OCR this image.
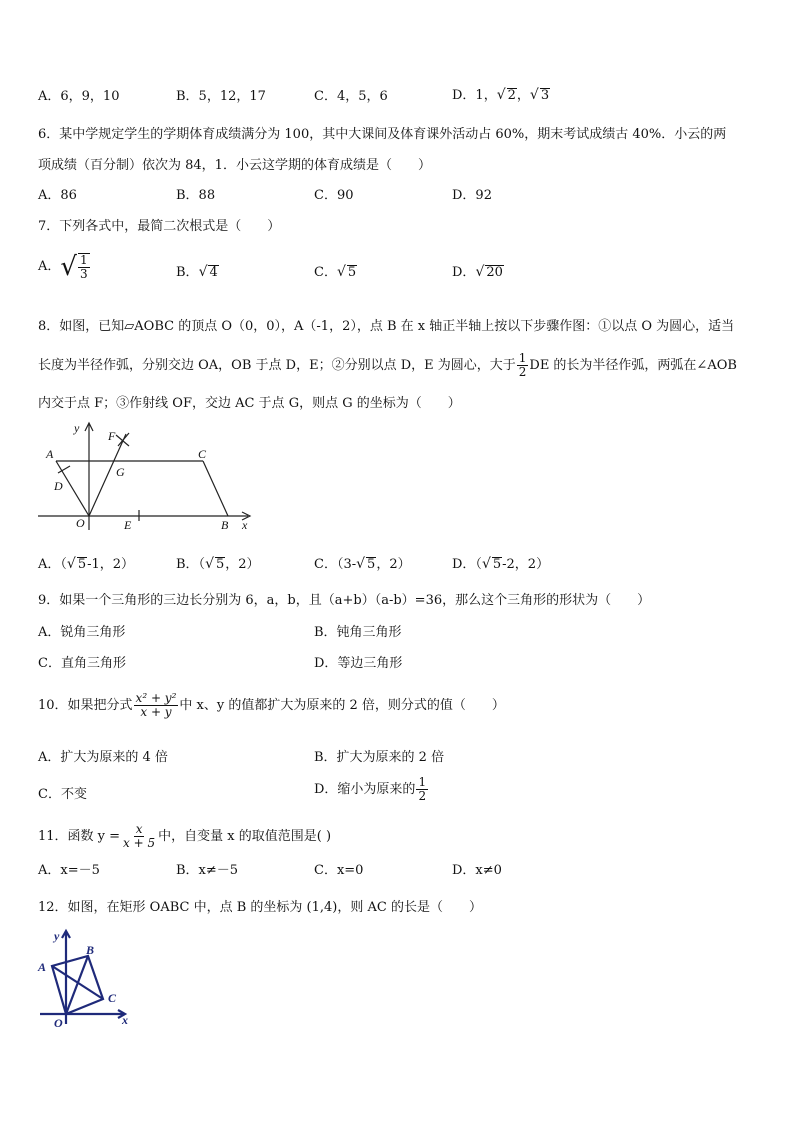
A．6，9，10	B．5，12，17	C．4，5，6	D．1，√ 2，√ 3
6．某中学规定学生的学期体育成绩满分为 100，其中大课间及体育课外活动占 60%，期末考试成绩古 40%．小云的两
项成绩（百分制）依次为 84，1．小云这学期的体育成绩是（　　）
A．86	B．88	C．90	D．92
7．下列各式中，最简二次根式是（　　）
A． √ $\frac{1}{3}$	B．√ 4	C．√ 5	D．√ 20
8．如图，已知▱AOBC 的顶点 O（0，0），A（-1，2），点 B 在 x 轴正半轴上按以下步骤作图：①以点 O 为圆心，适当
长度为半径作弧，分别交边 OA，OB 于点 D，E；②分别以点 D，E 为圆心，大于 $\frac{1}{2}$ DE 的长为半径作弧，两弧在∠AOB
内交于点 F；③作射线 OF，交边 AC 于点 G，则点 G 的坐标为（　　）
y
F
A	C
G
D
O	E	B x
A．（√ 5-1，2）	B．（√ 5，2）	C．（3-√ 5，2）	D．（√ 5-2，2）
9．如果一个三角形的三边长分别为 6，a，b，且（a+b）（a-b）=36，那么这个三角形的形状为（　　）
A．锐角三角形	B．钝角三角形
C．直角三角形	D．等边三角形
10．如果把分式 $\frac{\text{x² + y²}}{x + y}$ 中 x、y 的值都扩大为原来的 2 倍，则分式的值（　　）
A．扩大为原来的 4 倍	B．扩大为原来的 2 倍
C．不变	D．缩小为原来的 $\frac{1}{2}$
11．函数 $y = \frac{x}{x + 5}$ 中，自变量 x 的取值范围是( )
A．x=－5	B．x≠－5	C．x=0	D．x≠0
12．如图，在矩形 OABC 中，点 B 的坐标为 (1,4)，则 AC 的长是（　　）
y
B
A
C
O	x
